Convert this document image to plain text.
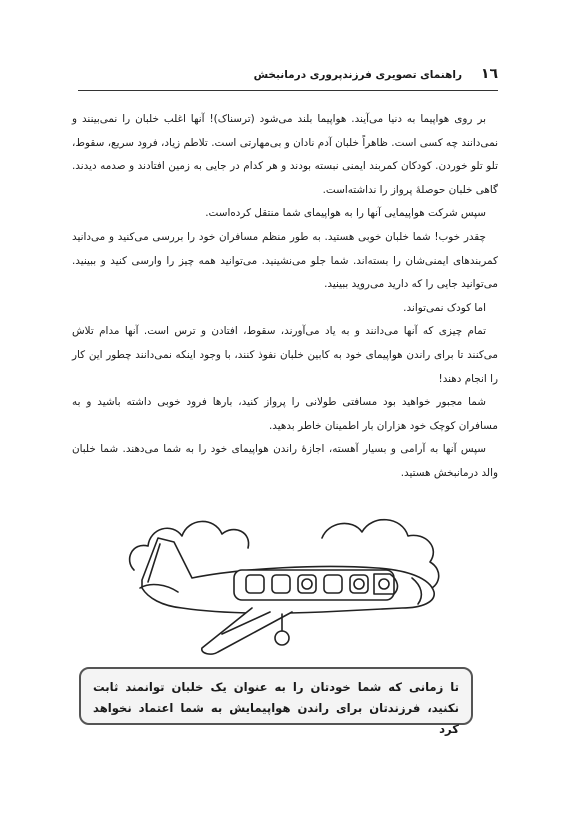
١٦
راهنمای تصویری فرزندپروری درمانبخش

بر روی هواپیما به دنیا می‌آیند. هواپیما بلند می‌شود (ترسناک)! آنها اغلب خلبان را نمی‌بینند و نمی‌دانند چه کسی است. ظاهراً خلبان آدم نادان و بی‌مهارتی است. تلاطم زیاد، فرود سریع، سقوط، تلو تلو خوردن. کودکان کمربند ایمنی نبسته بودند و هر کدام در جایی به زمین افتادند و صدمه دیدند. گاهی خلبان حوصلهٔ پرواز را نداشته‌است.

سپس شرکت هواپیمایی آنها را به هواپیمای شما منتقل کرده‌است.

چقدر خوب! شما خلبان خوبی هستید. به طور منظم مسافران خود را بررسی می‌کنید و می‌دانید کمربندهای ایمنی‌شان را بسته‌اند. شما جلو می‌نشینید. می‌توانید همه چیز را وارسی کنید و ببینید. می‌توانید جایی را که دارید می‌روید ببینید.

اما کودک نمی‌تواند.

تمام چیزی که آنها می‌دانند و به یاد می‌آورند، سقوط، افتادن و ترس است. آنها مدام تلاش می‌کنند تا برای راندن هواپیمای خود به کابین خلبان نفوذ کنند، با وجود اینکه نمی‌دانند چطور این کار را انجام دهند!

شما مجبور خواهید بود مسافتی طولانی را پرواز کنید، بارها فرود خوبی داشته باشید و به مسافران کوچک خود هزاران بار اطمینان خاطر بدهید.

سپس آنها به آرامی و بسیار آهسته، اجازهٔ راندن هواپیمای خود را به شما می‌دهند. شما خلبان والد درمانبخش هستید.

تا زمانی که شما خودتان را به عنوان یک خلبان توانمند ثابت نکنید، فرزندتان برای راندن هواپیمایش به شما اعتماد نخواهد کرد
